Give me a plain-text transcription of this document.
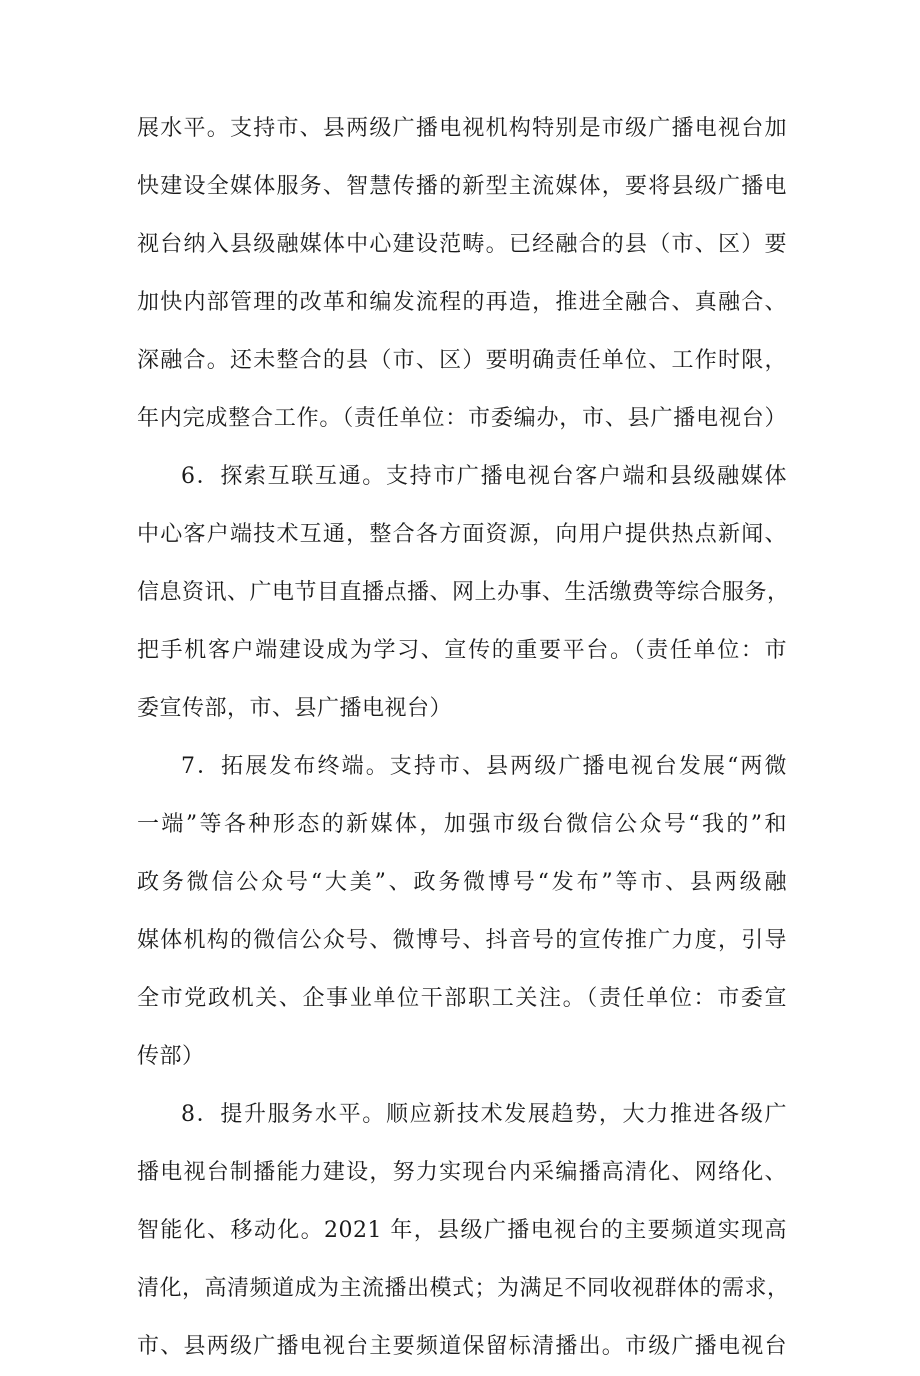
展水平。支持市、县两级广播电视机构特别是市级广播电视台加
快建设全媒体服务、智慧传播的新型主流媒体，要将县级广播电
视台纳入县级融媒体中心建设范畴。已经融合的县（市、区）要
加快内部管理的改革和编发流程的再造，推进全融合、真融合、
深融合。还未整合的县（市、区）要明确责任单位、工作时限，
年内完成整合工作。（责任单位：市委编办，市、县广播电视台）
6．探索互联互通。支持市广播电视台客户端和县级融媒体
中心客户端技术互通，整合各方面资源，向用户提供热点新闻、
信息资讯、广电节目直播点播、网上办事、生活缴费等综合服务，
把手机客户端建设成为学习、宣传的重要平台。（责任单位：市
委宣传部，市、县广播电视台）
7．拓展发布终端。支持市、县两级广播电视台发展“两微
一端”等各种形态的新媒体，加强市级台微信公众号“我的”和
政务微信公众号“大美”、政务微博号“发布”等市、县两级融
媒体机构的微信公众号、微博号、抖音号的宣传推广力度，引导
全市党政机关、企事业单位干部职工关注。（责任单位：市委宣
传部）
8．提升服务水平。顺应新技术发展趋势，大力推进各级广
播电视台制播能力建设，努力实现台内采编播高清化、网络化、
智能化、移动化。2021 年，县级广播电视台的主要频道实现高
清化，高清频道成为主流播出模式；为满足不同收视群体的需求，
市、县两级广播电视台主要频道保留标清播出。市级广播电视台
